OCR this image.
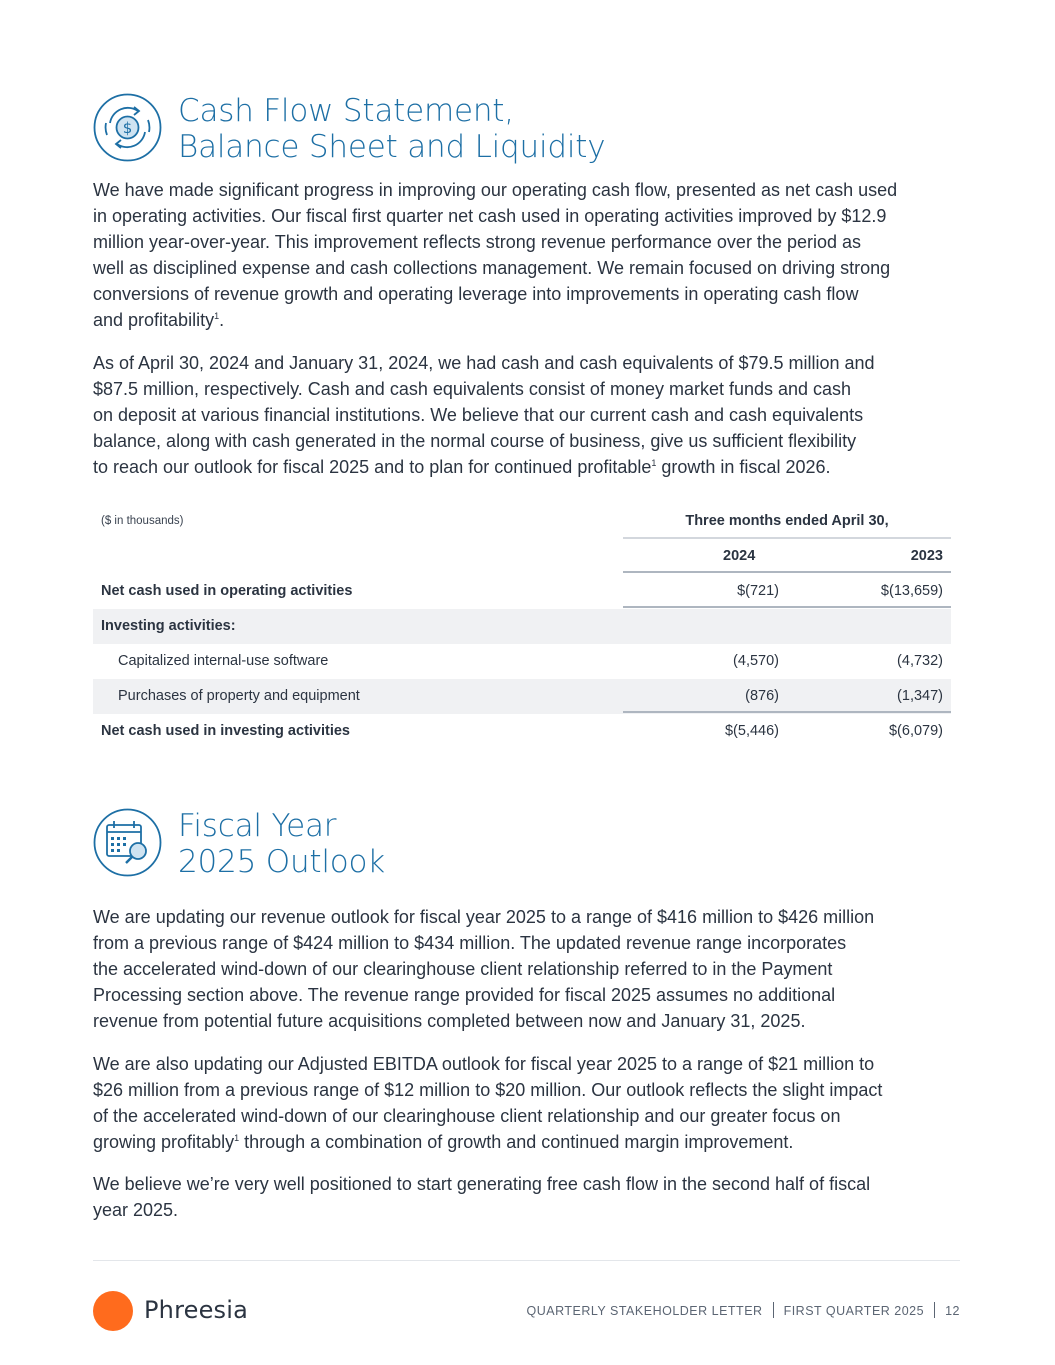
$ Cash Flow Statement,
Balance Sheet and Liquidity
We have made significant progress in improving our operating cash flow, presented as net cash used
in operating activities. Our fiscal first quarter net cash used in operating activities improved by $12.9
million year-over-year. This improvement reflects strong revenue performance over the period as
well as disciplined expense and cash collections management. We remain focused on driving strong
conversions of revenue growth and operating leverage into improvements in operating cash flow
and profitability$^1$.
As of April 30, 2024 and January 31, 2024, we had cash and cash equivalents of $79.5 million and
$87.5 million, respectively. Cash and cash equivalents consist of money market funds and cash
on deposit at various financial institutions. We believe that our current cash and cash equivalents
balance, along with cash generated in the normal course of business, give us sufficient flexibility
to reach our outlook for fiscal 2025 and to plan for continued profitable$^1$ growth in fiscal 2026.
($ in thousands)	Three months ended April 30,
2024	2023
Net cash used in operating activities	$(721)	$(13,659)
Investing activities:
Capitalized internal-use software	(4,570)	(4,732)
Purchases of property and equipment	(876)	(1,347)
Net cash used in investing activities	$(5,446)	$(6,079)
Fiscal Year
2025 Outlook
We are updating our revenue outlook for fiscal year 2025 to a range of $416 million to $426 million
from a previous range of $424 million to $434 million. The updated revenue range incorporates
the accelerated wind-down of our clearinghouse client relationship referred to in the Payment
Processing section above. The revenue range provided for fiscal 2025 assumes no additional
revenue from potential future acquisitions completed between now and January 31, 2025.
We are also updating our Adjusted EBITDA outlook for fiscal year 2025 to a range of $21 million to
$26 million from a previous range of $12 million to $20 million. Our outlook reflects the slight impact
of the accelerated wind-down of our clearinghouse client relationship and our greater focus on
growing profitably$^1$ through a combination of growth and continued margin improvement.
We believe we’re very well positioned to start generating free cash flow in the second half of fiscal
year 2025.
Phreesia	QUARTERLY STAKEHOLDER LETTER FIRST QUARTER 2025 12
